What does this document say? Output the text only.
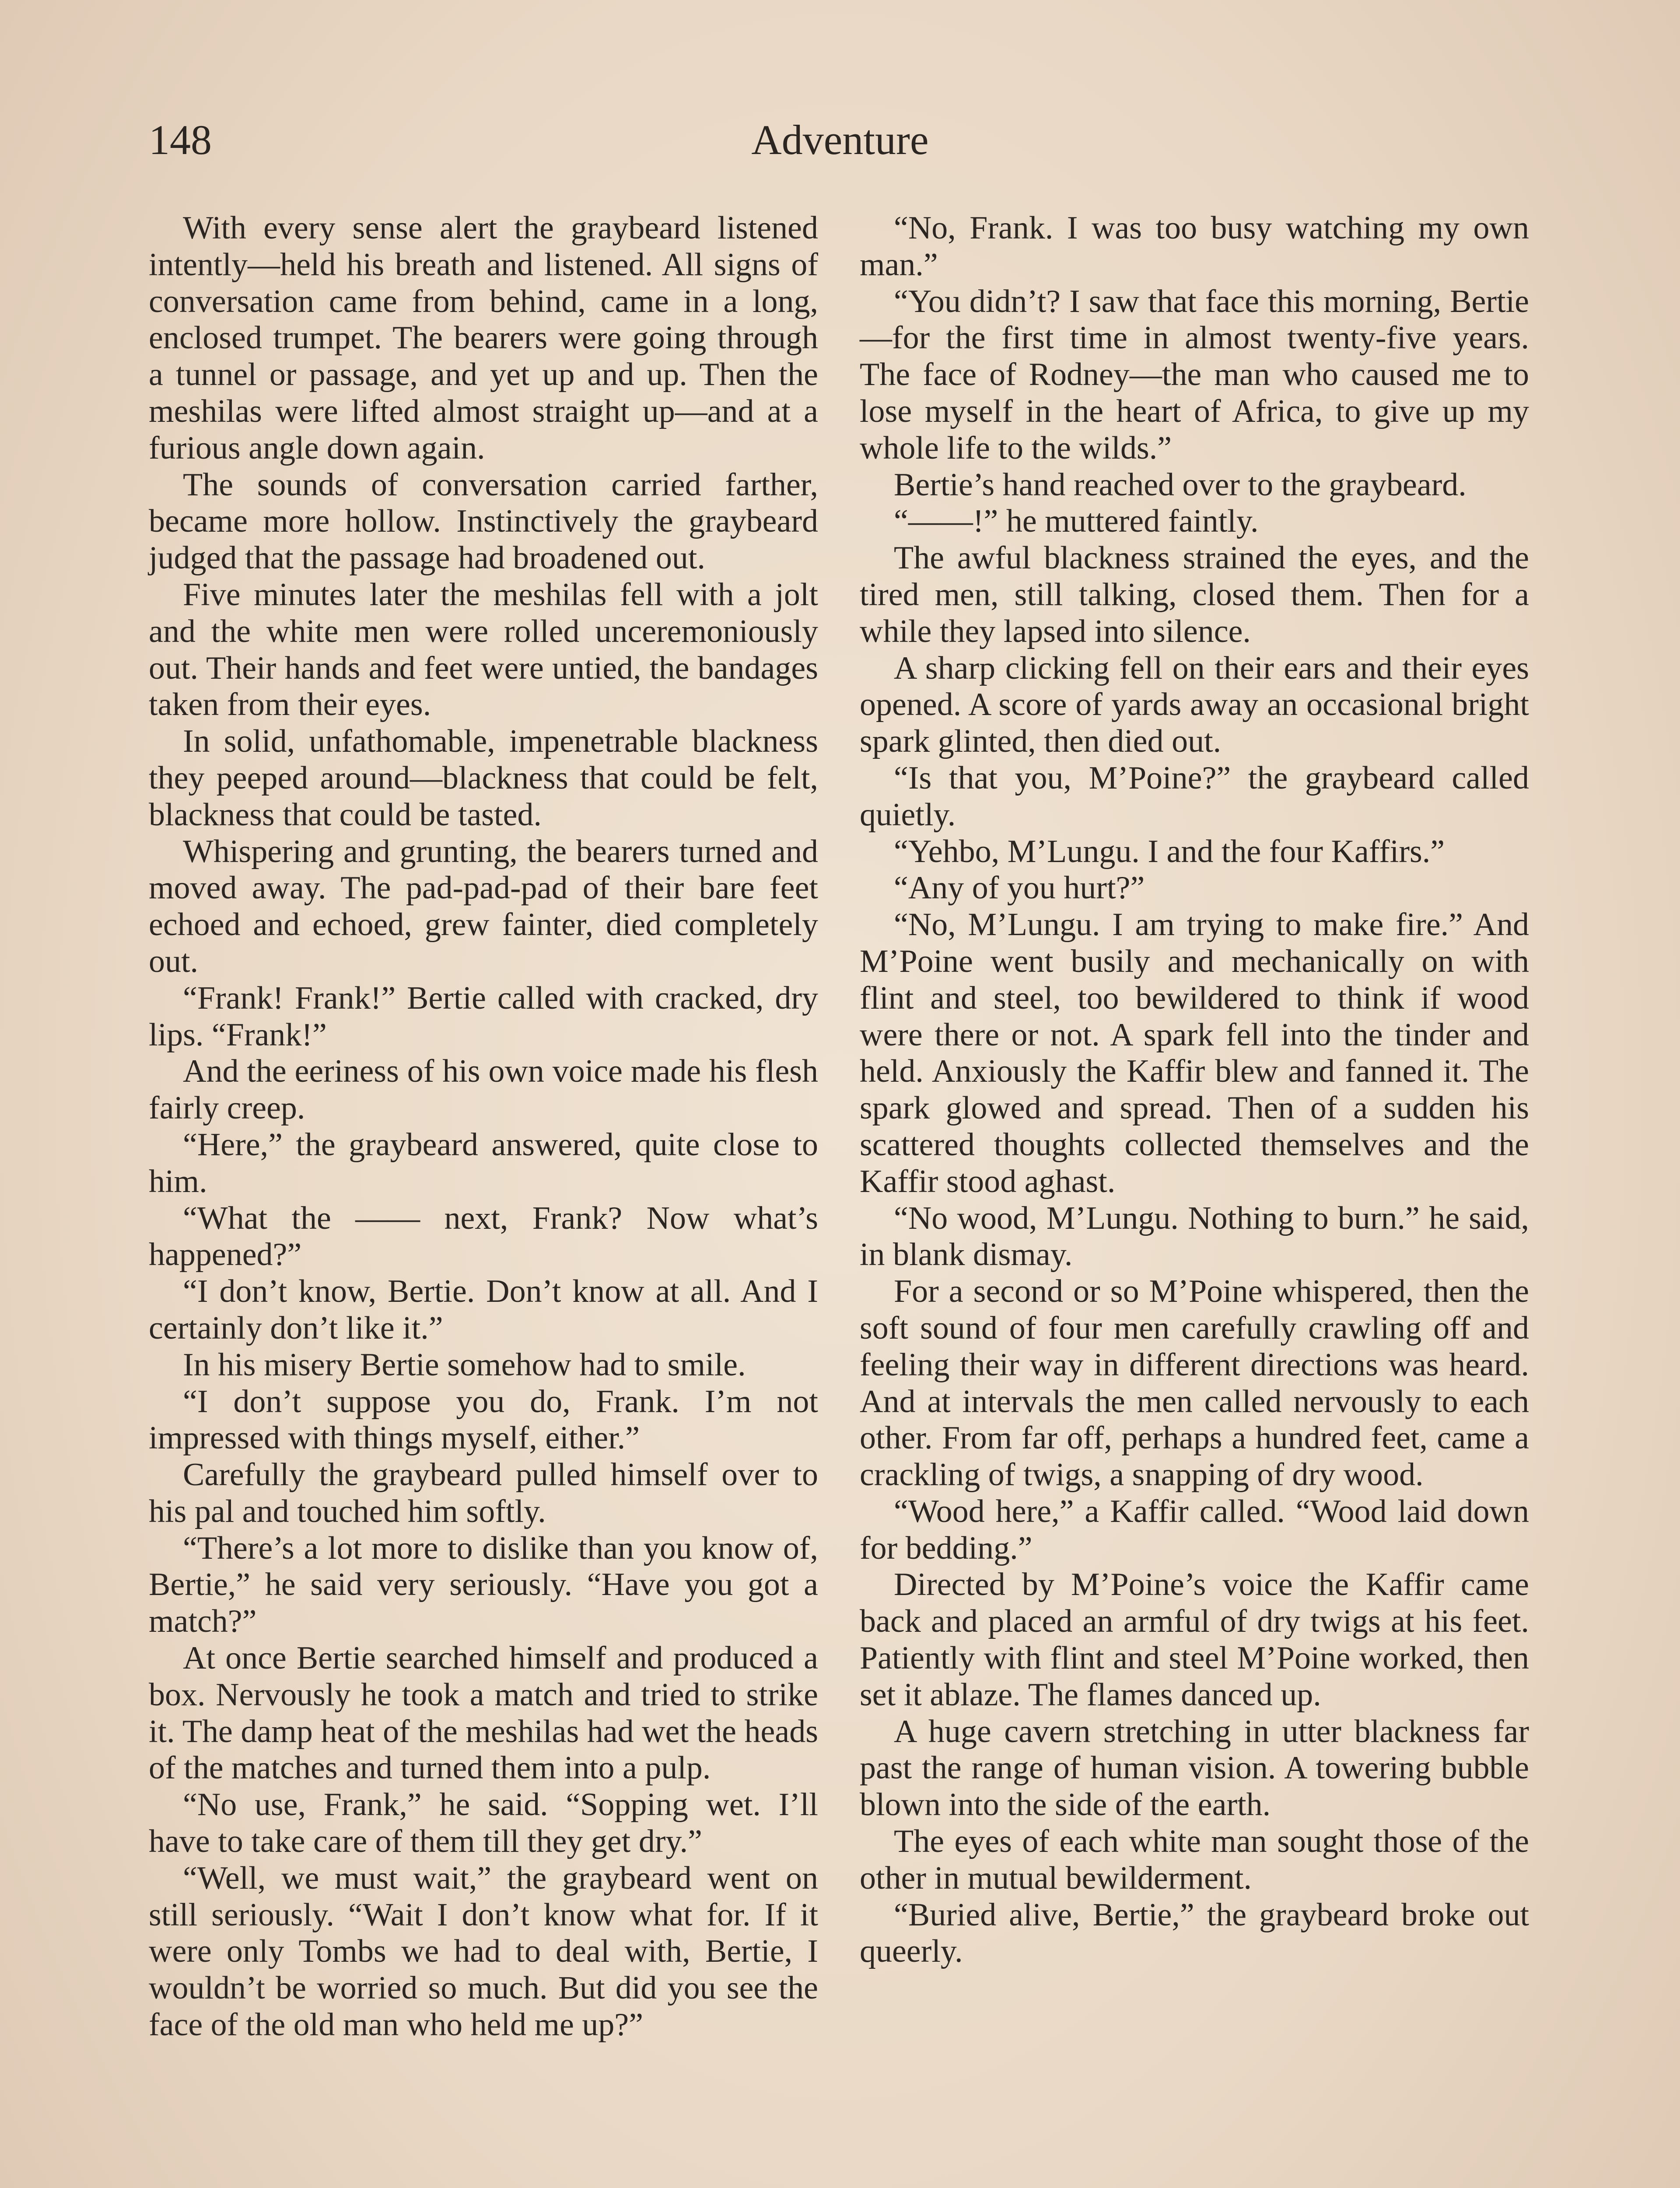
148	Adventure

With every sense alert the graybeard listened intently—held his breath and listened. All signs of conversation came from behind, came in a long, enclosed trumpet. The bearers were going through a tunnel or passage, and yet up and up. Then the meshilas were lifted almost straight up—and at a furious angle down again.

The sounds of conversation carried farther, became more hollow. Instinctively the graybeard judged that the passage had broadened out.

Five minutes later the meshilas fell with a jolt and the white men were rolled unceremoniously out. Their hands and feet were untied, the bandages taken from their eyes.

In solid, unfathomable, impenetrable blackness they peeped around—blackness that could be felt, blackness that could be tasted.

Whispering and grunting, the bearers turned and moved away. The pad-pad-pad of their bare feet echoed and echoed, grew fainter, died completely out.

“Frank! Frank!” Bertie called with cracked, dry lips. “Frank!”

And the eeriness of his own voice made his flesh fairly creep.

“Here,” the graybeard answered, quite close to him.

“What the —— next, Frank? Now what’s happened?”

“I don’t know, Bertie. Don’t know at all. And I certainly don’t like it.”

In his misery Bertie somehow had to smile.

“I don’t suppose you do, Frank. I’m not impressed with things myself, either.”

Carefully the graybeard pulled himself over to his pal and touched him softly.

“There’s a lot more to dislike than you know of, Bertie,” he said very seriously. “Have you got a match?”

At once Bertie searched himself and produced a box. Nervously he took a match and tried to strike it. The damp heat of the meshilas had wet the heads of the matches and turned them into a pulp.

“No use, Frank,” he said. “Sopping wet. I’ll have to take care of them till they get dry.”

“Well, we must wait,” the graybeard went on still seriously. “Wait I don’t know what for. If it were only Tombs we had to deal with, Bertie, I wouldn’t be worried so much. But did you see the face of the old man who held me up?”

“No, Frank. I was too busy watching my own man.”

“You didn’t? I saw that face this morning, Bertie—for the first time in almost twenty-five years. The face of Rodney—the man who caused me to lose myself in the heart of Africa, to give up my whole life to the wilds.”

Bertie’s hand reached over to the graybeard.

“——!” he muttered faintly.

The awful blackness strained the eyes, and the tired men, still talking, closed them. Then for a while they lapsed into silence.

A sharp clicking fell on their ears and their eyes opened. A score of yards away an occasional bright spark glinted, then died out.

“Is that you, M’Poine?” the graybeard called quietly.

“Yehbo, M’Lungu. I and the four Kaffirs.”

“Any of you hurt?”

“No, M’Lungu. I am trying to make fire.” And M’Poine went busily and mechanically on with flint and steel, too bewildered to think if wood were there or not. A spark fell into the tinder and held. Anxiously the Kaffir blew and fanned it. The spark glowed and spread. Then of a sudden his scattered thoughts collected themselves and the Kaffir stood aghast.

“No wood, M’Lungu. Nothing to burn.” he said, in blank dismay.

For a second or so M’Poine whispered, then the soft sound of four men carefully crawling off and feeling their way in different directions was heard. And at intervals the men called nervously to each other. From far off, perhaps a hundred feet, came a crackling of twigs, a snapping of dry wood.

“Wood here,” a Kaffir called. “Wood laid down for bedding.”

Directed by M’Poine’s voice the Kaffir came back and placed an armful of dry twigs at his feet. Patiently with flint and steel M’Poine worked, then set it ablaze. The flames danced up.

A huge cavern stretching in utter blackness far past the range of human vision. A towering bubble blown into the side of the earth.

The eyes of each white man sought those of the other in mutual bewilderment.

“Buried alive, Bertie,” the graybeard broke out queerly.
